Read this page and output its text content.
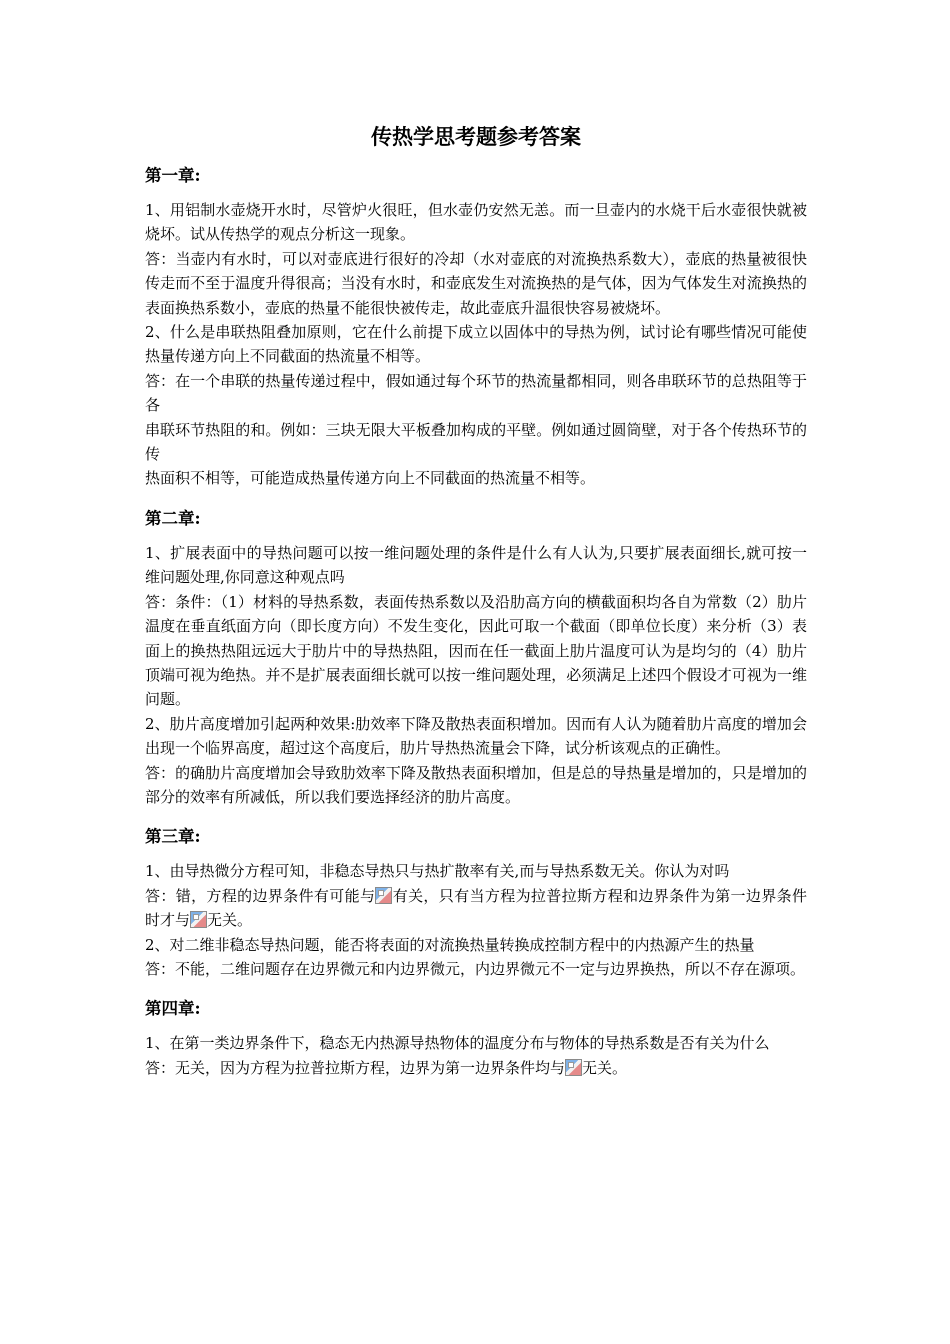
传热学思考题参考答案
第一章:

1、用铝制水壶烧开水时，尽管炉火很旺，但水壶仍安然无恙。而一旦壶内的水烧干后水壶很快就被烧坏。试从传热学的观点分析这一现象。

答：当壶内有水时，可以对壶底进行很好的冷却（水对壶底的对流换热系数大），壶底的热量被很快传走而不至于温度升得很高；当没有水时，和壶底发生对流换热的是气体，因为气体发生对流换热的表面换热系数小，壶底的热量不能很快被传走，故此壶底升温很快容易被烧坏。

2、什么是串联热阻叠加原则，它在什么前提下成立以固体中的导热为例，试讨论有哪些情况可能使热量传递方向上不同截面的热流量不相等。

答：在一个串联的热量传递过程中，假如通过每个环节的热流量都相同，则各串联环节的总热阻等于各

串联环节热阻的和。例如：三块无限大平板叠加构成的平壁。例如通过圆筒壁，对于各个传热环节的传

热面积不相等，可能造成热量传递方向上不同截面的热流量不相等。

第二章:

1、扩展表面中的导热问题可以按一维问题处理的条件是什么有人认为,只要扩展表面细长,就可按一维问题处理,你同意这种观点吗

答：条件：（1）材料的导热系数，表面传热系数以及沿肋高方向的横截面积均各自为常数（2）肋片温度在垂直纸面方向（即长度方向）不发生变化，因此可取一个截面（即单位长度）来分析（3）表面上的换热热阻远远大于肋片中的导热热阻，因而在任一截面上肋片温度可认为是均匀的（4）肋片顶端可视为绝热。并不是扩展表面细长就可以按一维问题处理，必须满足上述四个假设才可视为一维问题。

2、肋片高度增加引起两种效果:肋效率下降及散热表面积增加。因而有人认为随着肋片高度的增加会出现一个临界高度，超过这个高度后，肋片导热热流量会下降，试分析该观点的正确性。

答：的确肋片高度增加会导致肋效率下降及散热表面积增加，但是总的导热量是增加的，只是增加的部分的效率有所减低，所以我们要选择经济的肋片高度。

第三章:

1、由导热微分方程可知，非稳态导热只与热扩散率有关,而与导热系数无关。你认为对吗

答：错，方程的边界条件有可能与 有关，只有当方程为拉普拉斯方程和边界条件为第一边界条件时才与 无关。

2、对二维非稳态导热问题，能否将表面的对流换热量转换成控制方程中的内热源产生的热量

答：不能，二维问题存在边界微元和内边界微元，内边界微元不一定与边界换热，所以不存在源项。

第四章:

1、在第一类边界条件下，稳态无内热源导热物体的温度分布与物体的导热系数是否有关为什么

答：无关，因为方程为拉普拉斯方程，边界为第一边界条件均与 无关。
